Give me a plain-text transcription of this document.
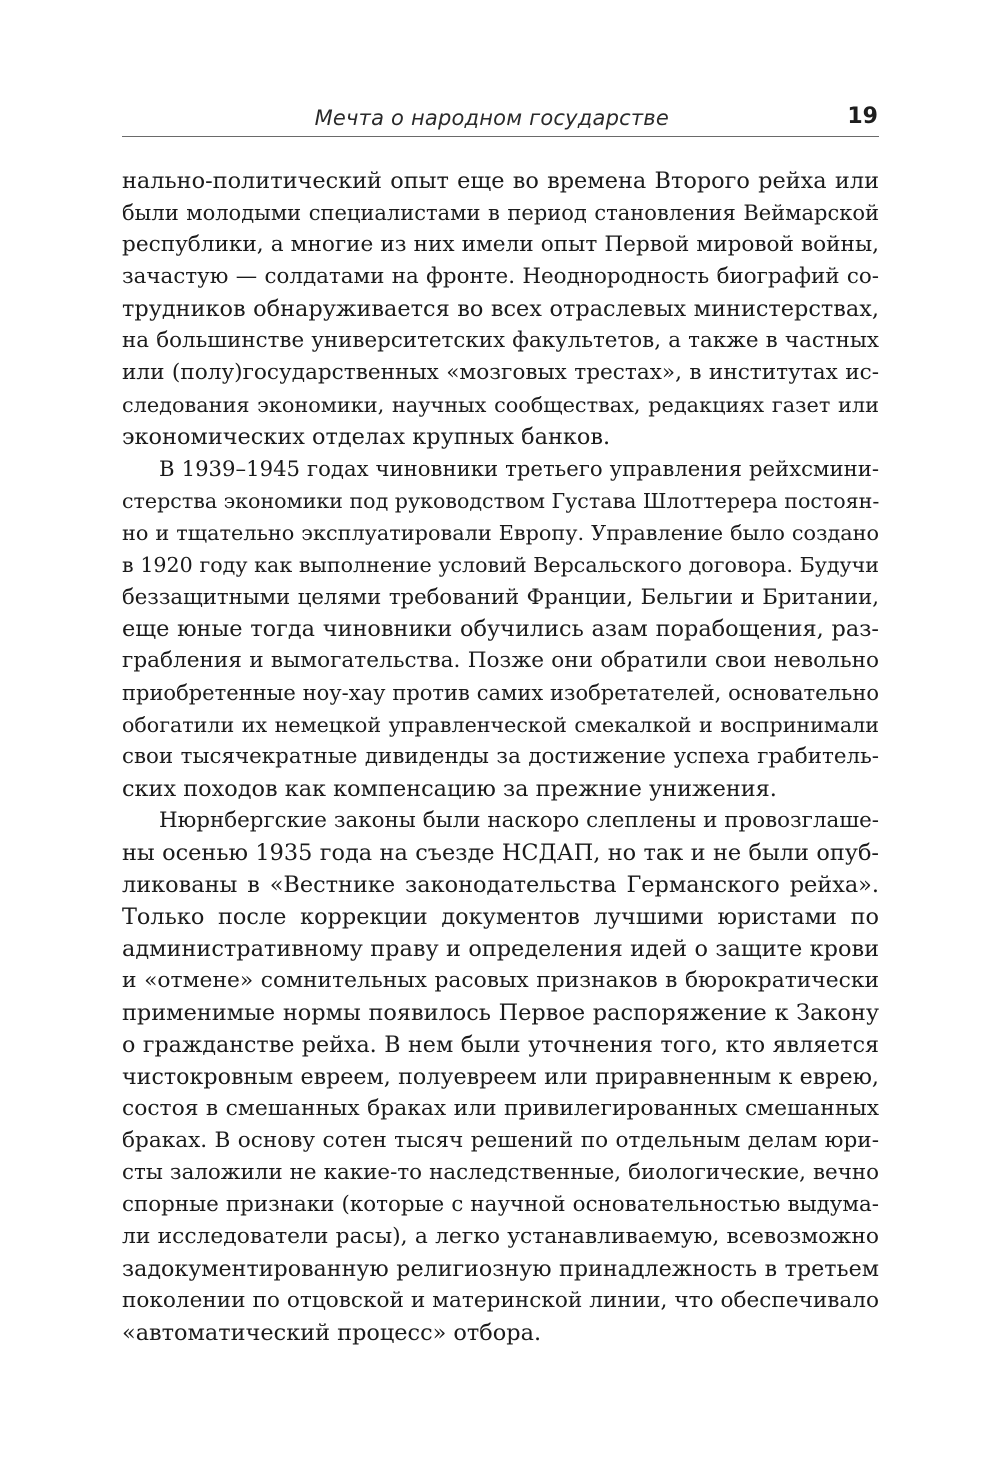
Мечта о народном государстве	19
нально-политический опыт еще во времена Второго рейха или
были молодыми специалистами в период становления Веймарской
республики, а многие из них имели опыт Первой мировой войны,
зачастую — солдатами на фронте. Неоднородность биографий со-
трудников обнаруживается во всех отраслевых министерствах,
на большинстве университетских факультетов, а также в частных
или (полу)государственных «мозговых трестах», в институтах ис-
следования экономики, научных сообществах, редакциях газет или
экономических отделах крупных банков.
В 1939–1945 годах чиновники третьего управления рейхсмини-
стерства экономики под руководством Густава Шлоттерера постоян-
но и тщательно эксплуатировали Европу. Управление было создано
в 1920 году как выполнение условий Версальского договора. Будучи
беззащитными целями требований Франции, Бельгии и Британии,
еще юные тогда чиновники обучились азам порабощения, раз-
грабления и вымогательства. Позже они обратили свои невольно
приобретенные ноу-хау против самих изобретателей, основательно
обогатили их немецкой управленческой смекалкой и воспринимали
свои тысячекратные дивиденды за достижение успеха грабитель-
ских походов как компенсацию за прежние унижения.
Нюрнбергские законы были наскоро слеплены и провозглаше-
ны осенью 1935 года на съезде НСДАП, но так и не были опуб-
ликованы в «Вестнике законодательства Германского рейха».
Только после коррекции документов лучшими юристами по
административному праву и определения идей о защите крови
и «отмене» сомнительных расовых признаков в бюрократически
применимые нормы появилось Первое распоряжение к Закону
о гражданстве рейха. В нем были уточнения того, кто является
чистокровным евреем, полуевреем или приравненным к еврею,
состоя в смешанных браках или привилегированных смешанных
браках. В основу сотен тысяч решений по отдельным делам юри-
сты заложили не какие-то наследственные, биологические, вечно
спорные признаки (которые с научной основательностью выдума-
ли исследователи расы), а легко устанавливаемую, всевозможно
задокументированную религиозную принадлежность в третьем
поколении по отцовской и материнской линии, что обеспечивало
«автоматический процесс» отбора.
